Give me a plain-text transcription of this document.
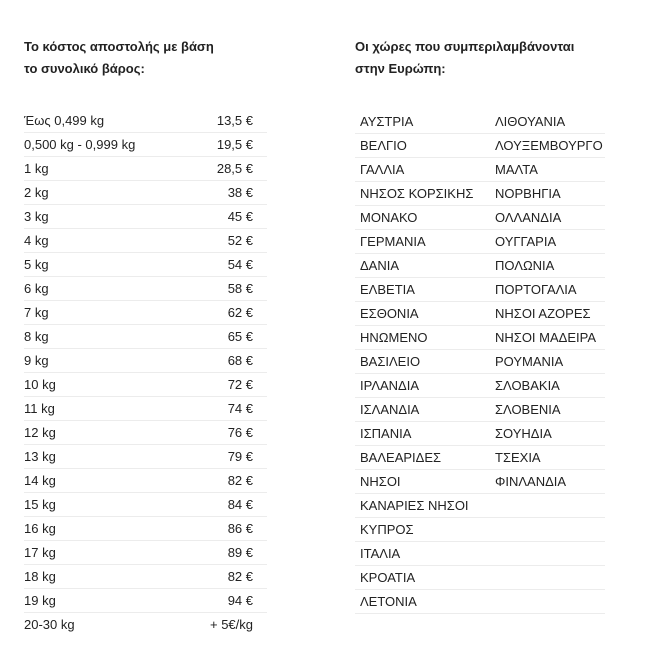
Το κόστος αποστολής με βάση
το συνολικό βάρος:
Οι χώρες που συμπεριλαμβάνονται
στην Ευρώπη:
Έως 0,499 kg	13,5 €
0,500 kg - 0,999 kg	19,5 €
1 kg	28,5 €
2 kg	38 €
3 kg	45 €
4 kg	52 €
5 kg	54 €
6 kg	58 €
7 kg	62 €
8 kg	65 €
9 kg	68 €
10 kg	72 €
11 kg	74 €
12 kg	76 €
13 kg	79 €
14 kg	82 €
15 kg	84 €
16 kg	86 €
17 kg	89 €
18 kg	82 €
19 kg	94 €
20-30 kg	+ 5€/kg
ΑΥΣΤΡΙΑ	ΛΙΘΟΥΑΝΙΑ
ΒΕΛΓΙΟ	ΛΟΥΞΕΜΒΟΥΡΓΟ
ΓΑΛΛΙΑ	ΜΑΛΤΑ
ΝΗΣΟΣ ΚΟΡΣΙΚΗΣ	ΝΟΡΒΗΓΙΑ
ΜΟΝΑΚΟ	ΟΛΛΑΝΔΙΑ
ΓΕΡΜΑΝΙΑ	ΟΥΓΓΑΡΙΑ
ΔΑΝΙΑ	ΠΟΛΩΝΙΑ
ΕΛΒΕΤΙΑ	ΠΟΡΤΟΓΑΛΙΑ
ΕΣΘΟΝΙΑ	ΝΗΣΟΙ ΑΖΟΡΕΣ
ΗΝΩΜΕΝΟ	ΝΗΣΟΙ ΜΑΔΕΙΡΑ
ΒΑΣΙΛΕΙΟ	ΡΟΥΜΑΝΙΑ
ΙΡΛΑΝΔΙΑ	ΣΛΟΒΑΚΙΑ
ΙΣΛΑΝΔΙΑ	ΣΛΟΒΕΝΙΑ
ΙΣΠΑΝΙΑ	ΣΟΥΗΔΙΑ
ΒΑΛΕΑΡΙΔΕΣ	ΤΣΕΧΙΑ
ΝΗΣΟΙ	ΦΙΝΛΑΝΔΙΑ
ΚΑΝΑΡΙΕΣ ΝΗΣΟΙ	
ΚΥΠΡΟΣ	
ΙΤΑΛΙΑ	
ΚΡΟΑΤΙΑ	
ΛΕΤΟΝΙΑ	
